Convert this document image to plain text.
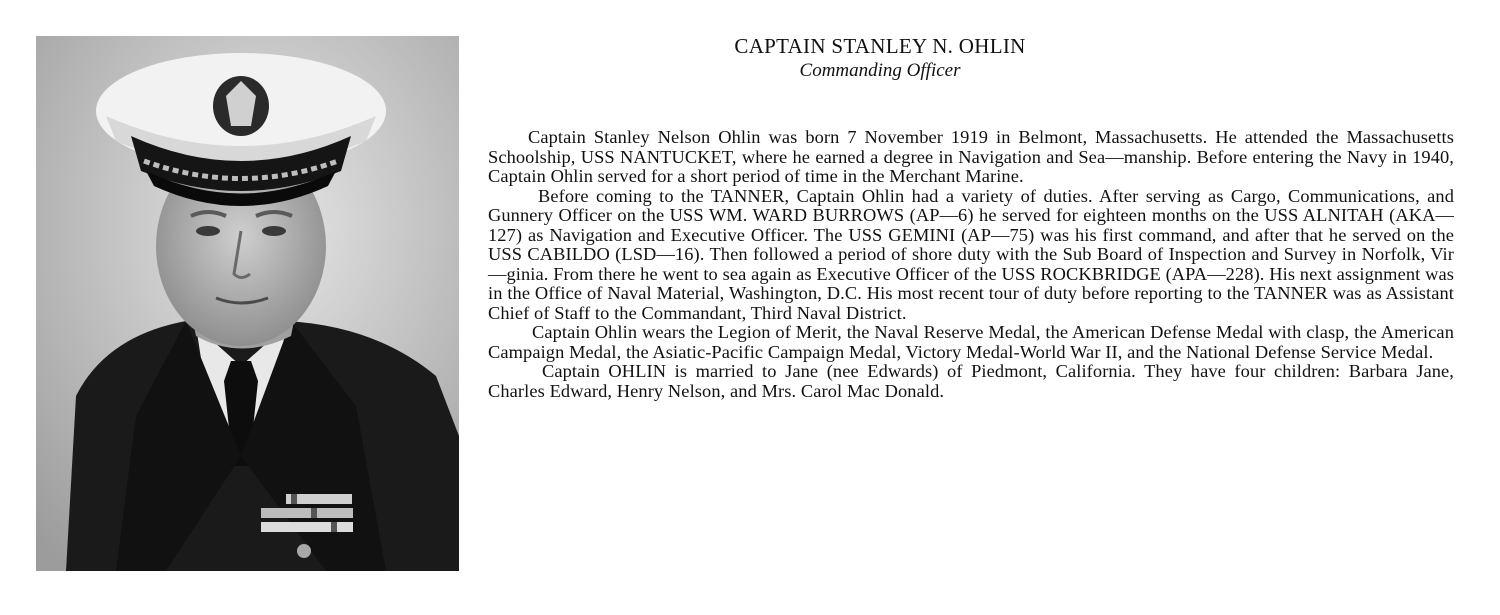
CAPTAIN STANLEY N. OHLIN
Commanding Officer

Captain Stanley Nelson Ohlin was born 7 November 1919 in Belmont, Massachusetts. He attended the Massachusetts Schoolship, USS NANTUCKET, where he earned a degree in Navigation and Sea—manship. Before entering the Navy in 1940, Captain Ohlin served for a short period of time in the Merchant Marine.

Before coming to the TANNER, Captain Ohlin had a variety of duties. After serving as Cargo, Communications, and Gunnery Officer on the USS WM. WARD BURROWS (AP—6) he served for eighteen months on the USS ALNITAH (AKA—127) as Navigation and Executive Officer. The USS GEMINI (AP—75) was his first command, and after that he served on the USS CABILDO (LSD—16). Then followed a period of shore duty with the Sub Board of Inspection and Survey in Norfolk, Vir—ginia. From there he went to sea again as Executive Officer of the USS ROCKBRIDGE (APA—228). His next assignment was in the Office of Naval Material, Washington, D.C. His most recent tour of duty before reporting to the TANNER was as Assistant Chief of Staff to the Commandant, Third Naval District.

Captain Ohlin wears the Legion of Merit, the Naval Reserve Medal, the American Defense Medal with clasp, the American Campaign Medal, the Asiatic-Pacific Campaign Medal, Victory Medal-World War II, and the National Defense Service Medal.

Captain OHLIN is married to Jane (nee Edwards) of Piedmont, California. They have four children: Barbara Jane, Charles Edward, Henry Nelson, and Mrs. Carol Mac Donald.
